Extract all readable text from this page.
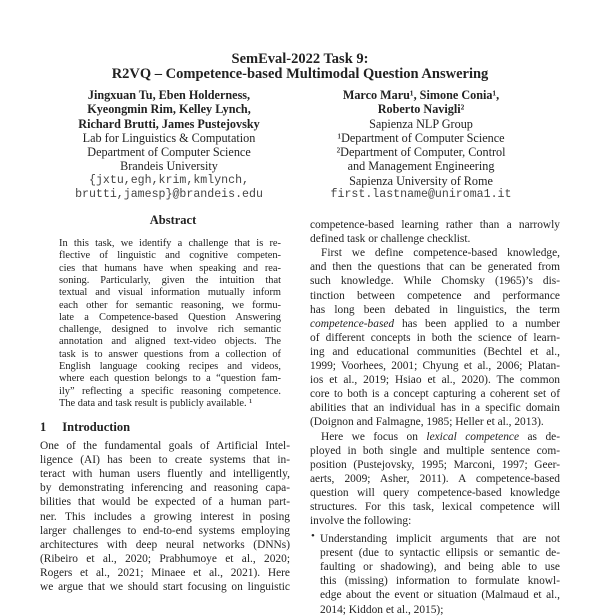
SemEval-2022 Task 9:
R2VQ – Competence-based Multimodal Question Answering
Jingxuan Tu, Eben Holderness,
Kyeongmin Rim, Kelley Lynch,
Richard Brutti, James Pustejovsky
Lab for Linguistics & Computation
Department of Computer Science
Brandeis University
{jxtu,egh,krim,kmlynch,
brutti,jamesp}@brandeis.edu
Marco Maru¹, Simone Conia¹,
Roberto Navigli²
Sapienza NLP Group
¹Department of Computer Science
²Department of Computer, Control
and Management Engineering
Sapienza University of Rome
first.lastname@uniroma1.it
Abstract
In this task, we identify a challenge that is re-
flective of linguistic and cognitive competen-
cies that humans have when speaking and rea-
soning. Particularly, given the intuition that
textual and visual information mutually inform
each other for semantic reasoning, we formu-
late a Competence-based Question Answering
challenge, designed to involve rich semantic
annotation and aligned text-video objects. The
task is to answer questions from a collection of
English language cooking recipes and videos,
where each question belongs to a “question fam-
ily” reflecting a specific reasoning competence.
The data and task result is publicly available. ¹
1 Introduction
One of the fundamental goals of Artificial Intel-
ligence (AI) has been to create systems that in-
teract with human users fluently and intelligently,
by demonstrating inferencing and reasoning capa-
bilities that would be expected of a human part-
ner. This includes a growing interest in posing
larger challenges to end-to-end systems employing
architectures with deep neural networks (DNNs)
(Ribeiro et al., 2020; Prabhumoye et al., 2020;
Rogers et al., 2021; Minaee et al., 2021). Here
we argue that we should start focusing on linguistic
competence-based learning rather than a narrowly
defined task or challenge checklist.
First we define competence-based knowledge,
and then the questions that can be generated from
such knowledge. While Chomsky (1965)’s dis-
tinction between competence and performance
has long been debated in linguistics, the term
competence-based has been applied to a number
of different concepts in both the science of learn-
ing and educational communities (Bechtel et al.,
1999; Voorhees, 2001; Chyung et al., 2006; Platan-
ios et al., 2019; Hsiao et al., 2020). The common
core to both is a concept capturing a coherent set of
abilities that an individual has in a specific domain
(Doignon and Falmagne, 1985; Heller et al., 2013).
Here we focus on lexical competence as de-
ployed in both single and multiple sentence com-
position (Pustejovsky, 1995; Marconi, 1997; Geer-
aerts, 2009; Asher, 2011). A competence-based
question will query competence-based knowledge
structures. For this task, lexical competence will
involve the following:
• Understanding implicit arguments that are not
present (due to syntactic ellipsis or semantic de-
faulting or shadowing), and being able to use
this (missing) information to formulate knowl-
edge about the event or situation (Malmaud et al.,
2014; Kiddon et al., 2015);
